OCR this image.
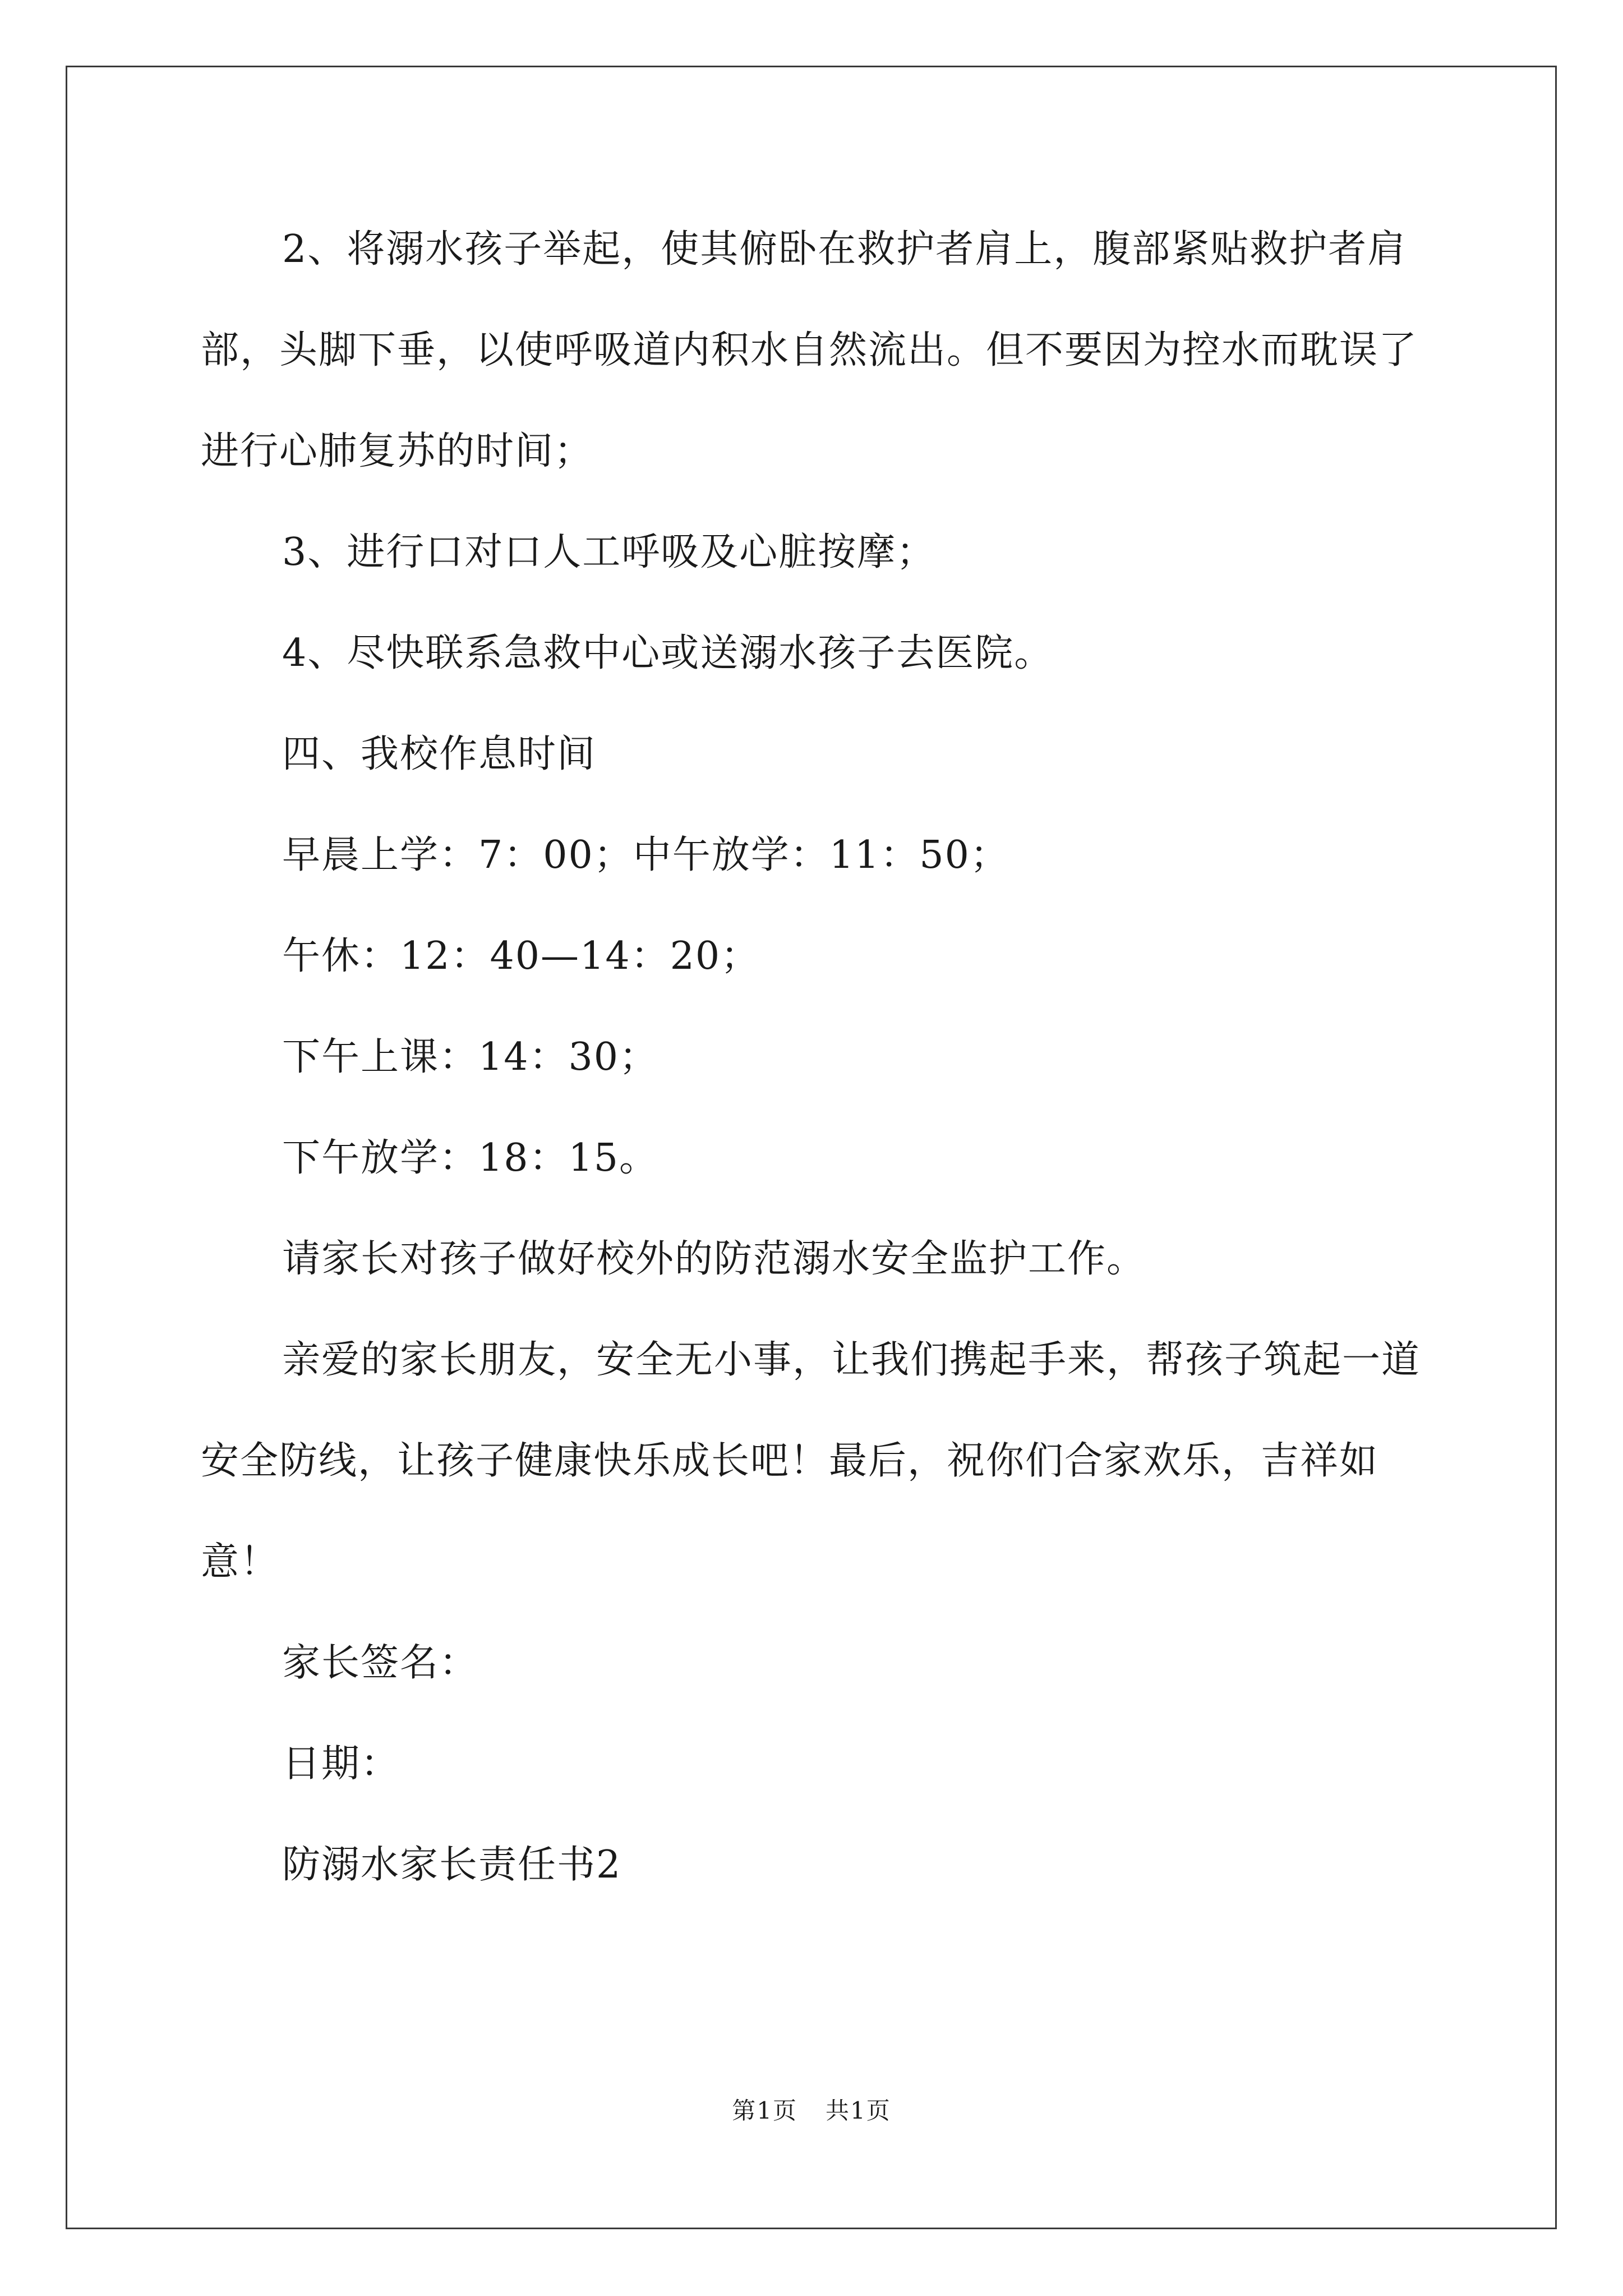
2、将溺水孩子举起，使其俯卧在救护者肩上，腹部紧贴救护者肩部，头脚下垂，以使呼吸道内积水自然流出。但不要因为控水而耽误了进行心肺复苏的时间；

3、进行口对口人工呼吸及心脏按摩；

4、尽快联系急救中心或送溺水孩子去医院。

四、我校作息时间

早晨上学：7：00；中午放学：11：50；

午休：12：40—14：20；

下午上课：14：30；

下午放学：18：15。

请家长对孩子做好校外的防范溺水安全监护工作。

亲爱的家长朋友，安全无小事，让我们携起手来，帮孩子筑起一道安全防线，让孩子健康快乐成长吧！最后，祝你们合家欢乐，吉祥如意！

家长签名：

日期：

防溺水家长责任书2

第1页 共1页
